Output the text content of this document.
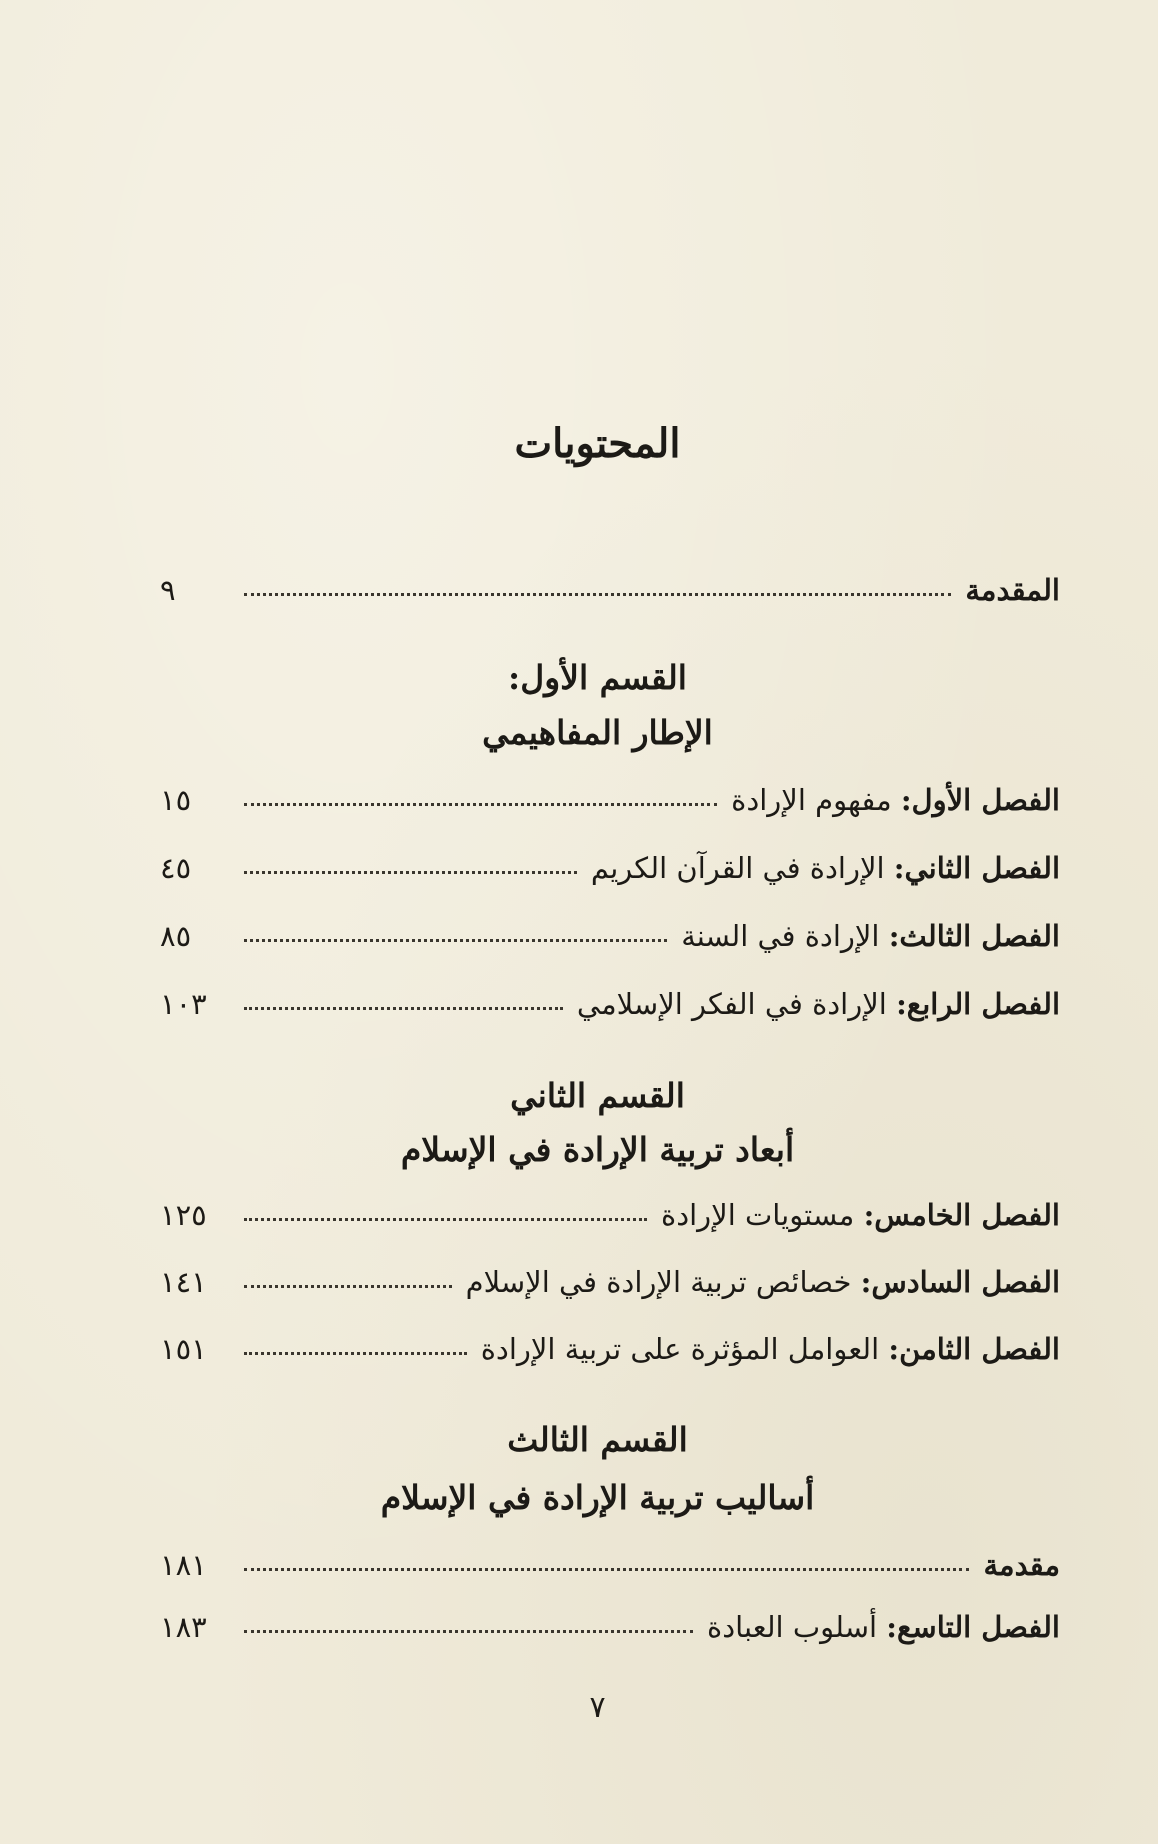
المحتويات
المقدمة
٩
القسم الأول:
الإطار المفاهيمي
الفصل الأول: مفهوم الإرادة
١٥
الفصل الثاني: الإرادة في القرآن الكريم
٤٥
الفصل الثالث: الإرادة في السنة
٨٥
الفصل الرابع: الإرادة في الفكر الإسلامي
١٠٣
القسم الثاني
أبعاد تربية الإرادة في الإسلام
الفصل الخامس: مستويات الإرادة
١٢٥
الفصل السادس: خصائص تربية الإرادة في الإسلام
١٤١
الفصل الثامن: العوامل المؤثرة على تربية الإرادة
١٥١
القسم الثالث
أساليب تربية الإرادة في الإسلام
مقدمة
١٨١
الفصل التاسع: أسلوب العبادة
١٨٣
٧
